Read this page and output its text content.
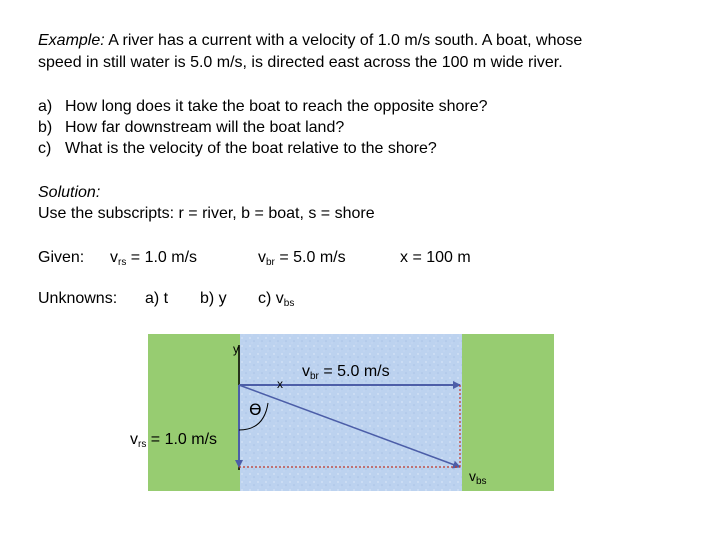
Example: A river has a current with a velocity of 1.0 m/s south. A boat, whose
speed in still water is 5.0 m/s, is directed east across the 100 m wide river.
a) How long does it take the boat to reach the opposite shore?
b) How far downstream will the boat land?
c) What is the velocity of the boat relative to the shore?
Solution:
Use the subscripts: r = river, b = boat, s = shore
Given: $v_{rs} = 1.0$ m/s	$v_{br} = 5.0$ m/s	x = 100 m
Unknowns: a) t b) y c) $v_{bs}$
y
x
Ө
vbr = 5.0 m/s
vrs = 1.0 m/s
$v_{bs}$
